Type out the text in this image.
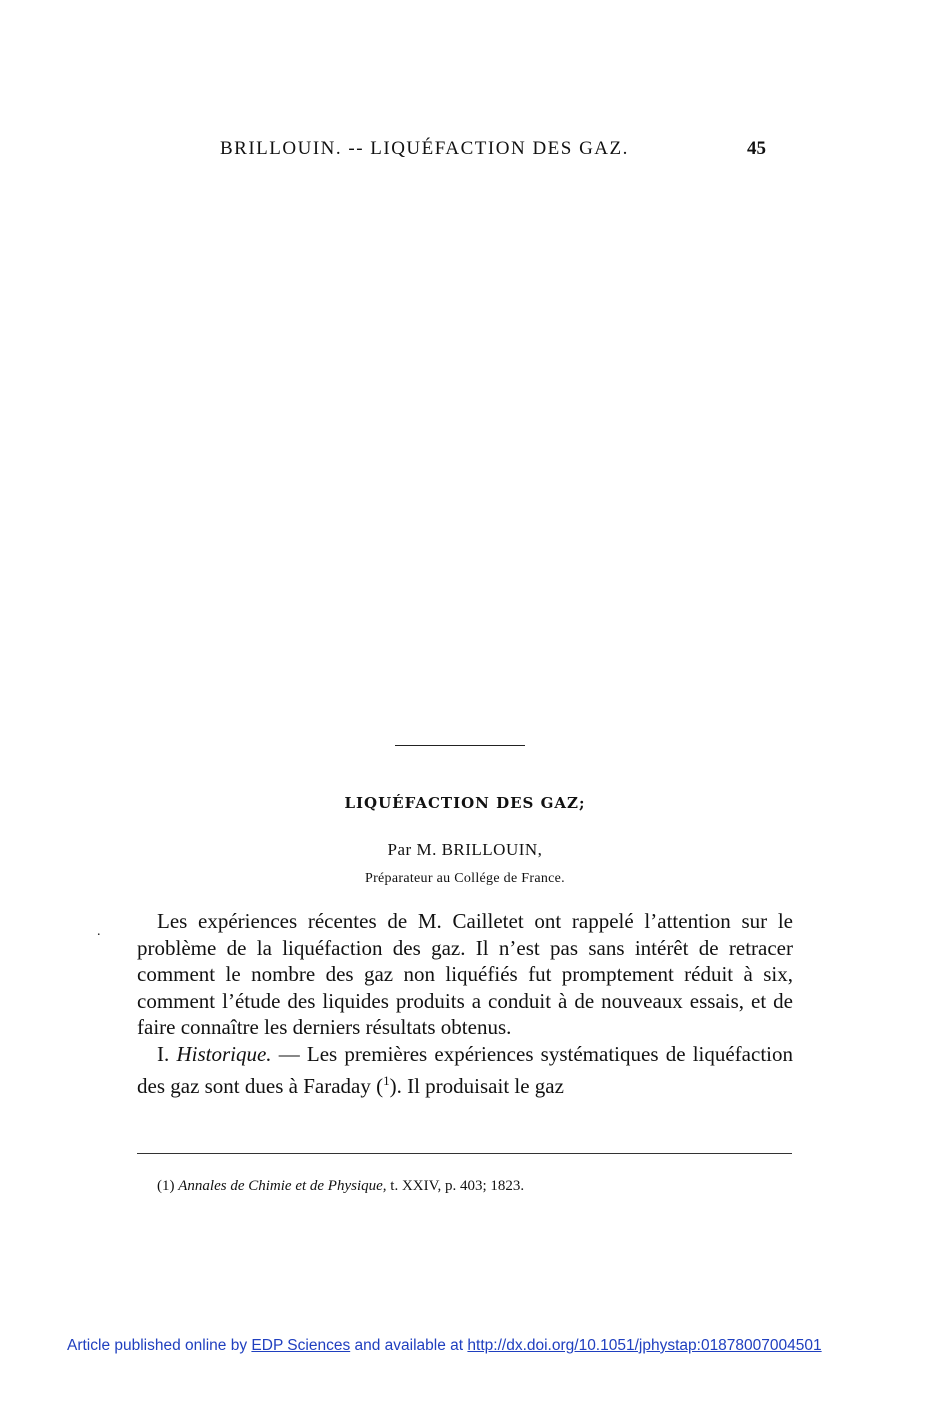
BRILLOUIN. -- LIQUÉFACTION DES GAZ.	45
LIQUÉFACTION DES GAZ;
Par M. BRILLOUIN,
Préparateur au Collége de France.
.	Les expériences récentes de M. Cailletet ont rappelé l’attention sur le problème de la liquéfaction des gaz. Il n’est pas sans intérêt de retracer comment le nombre des gaz non liquéfiés fut promptement réduit à six, comment l’étude des liquides produits a conduit à de nouveaux essais, et de faire connaître les derniers résultats obtenus.

I. Historique. — Les premières expériences systématiques de liquéfaction des gaz sont dues à Faraday ($^1$). Il produisait le gaz

(1) Annales de Chimie et de Physique, t. XXIV, p. 403; 1823.
Article published online by EDP Sciences and available at http://dx.doi.org/10.1051/jphystap:01878007004501
